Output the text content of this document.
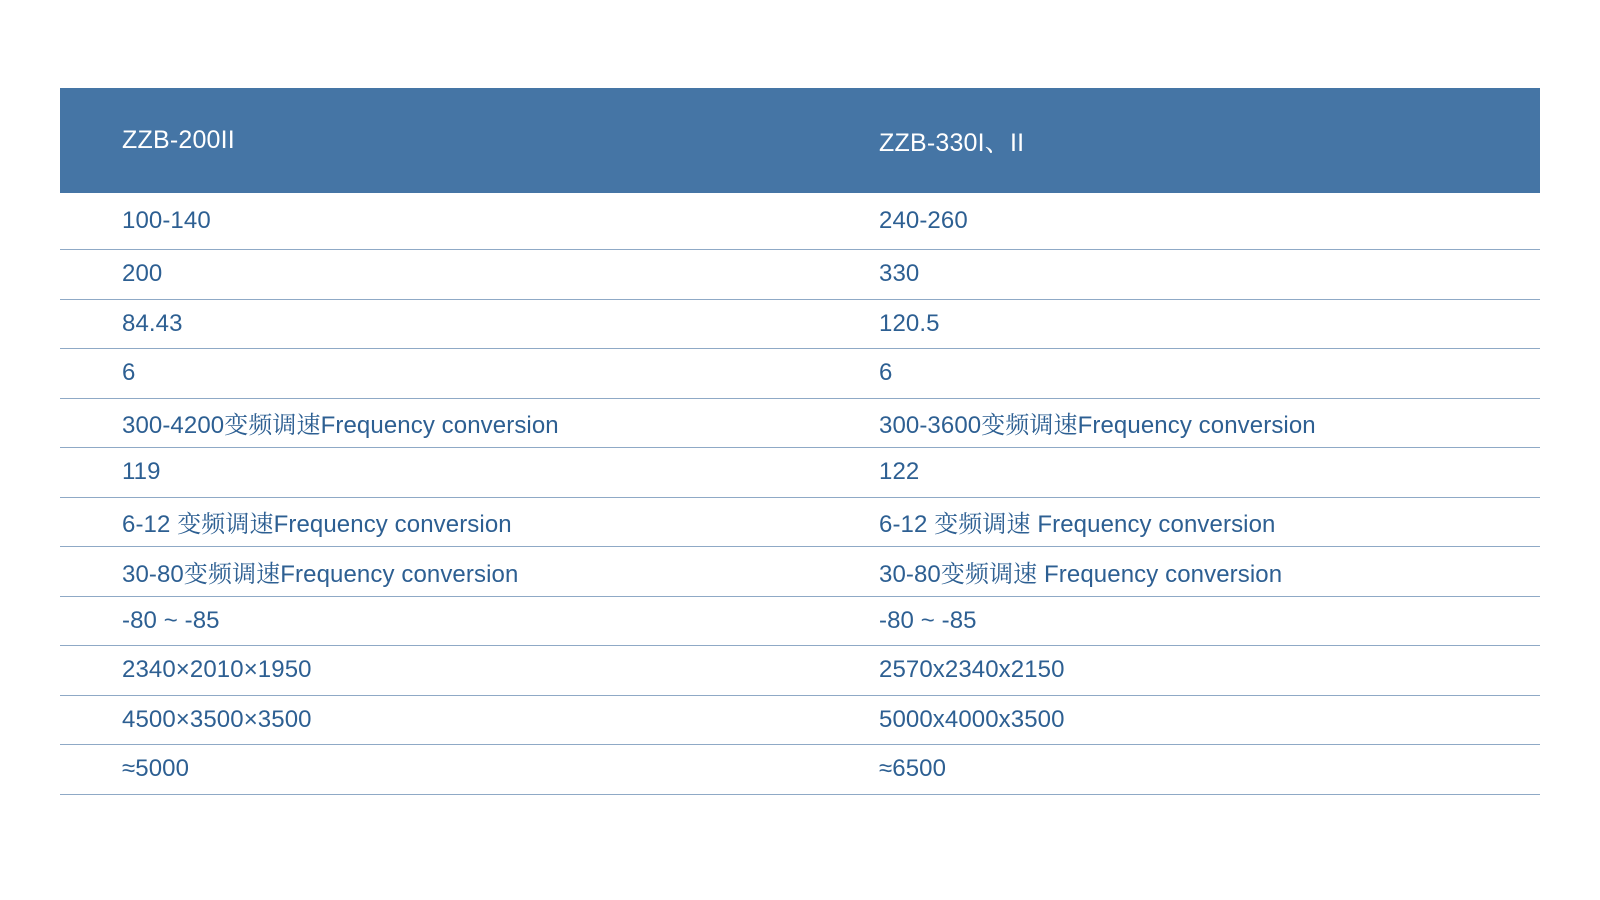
ZZB-200II	ZZB-330I、II
100-140	240-260
200	330
84.43	120.5
6	6
300-4200变频调速Frequency conversion	300-3600变频调速Frequency conversion
119	122
6-12 变频调速Frequency conversion	6-12 变频调速 Frequency conversion
30-80变频调速Frequency conversion	30-80变频调速 Frequency conversion
-80 ~ -85	-80 ~ -85
2340×2010×1950	2570x2340x2150
4500×3500×3500	5000x4000x3500
≈5000	≈6500
